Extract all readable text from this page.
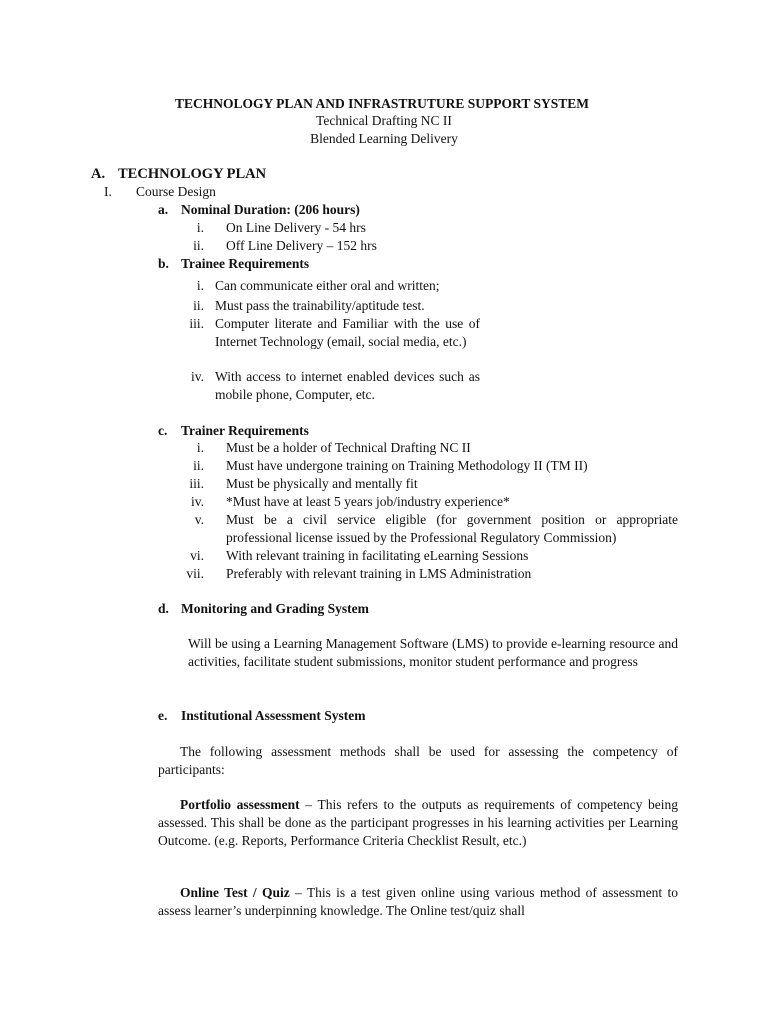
TECHNOLOGY PLAN AND INFRASTRUTURE SUPPORT SYSTEM
Technical Drafting NC II
Blended Learning Delivery
A. TECHNOLOGY PLAN
I. Course Design
a. Nominal Duration: (206 hours)
i. On Line Delivery - 54 hrs
ii. Off Line Delivery – 152 hrs
b. Trainee Requirements
i. Can communicate either oral and written;
ii. Must pass the trainability/aptitude test.
iii. Computer literate and Familiar with the use of Internet Technology (email, social media, etc.)
iv. With access to internet enabled devices such as mobile phone, Computer, etc.
c. Trainer Requirements
i. Must be a holder of Technical Drafting NC II
ii. Must have undergone training on Training Methodology II (TM II)
iii. Must be physically and mentally fit
iv. *Must have at least 5 years job/industry experience*
v. Must be a civil service eligible (for government position or appropriate professional license issued by the Professional Regulatory Commission)
vi. With relevant training in facilitating eLearning Sessions
vii. Preferably with relevant training in LMS Administration
d. Monitoring and Grading System
Will be using a Learning Management Software (LMS) to provide e-learning resource and activities, facilitate student submissions, monitor student performance and progress
e. Institutional Assessment System
The following assessment methods shall be used for assessing the competency of participants:
Portfolio assessment – This refers to the outputs as requirements of competency being assessed. This shall be done as the participant progresses in his learning activities per Learning Outcome. (e.g. Reports, Performance Criteria Checklist Result, etc.)
Online Test / Quiz – This is a test given online using various method of assessment to assess learner’s underpinning knowledge. The Online test/quiz shall
